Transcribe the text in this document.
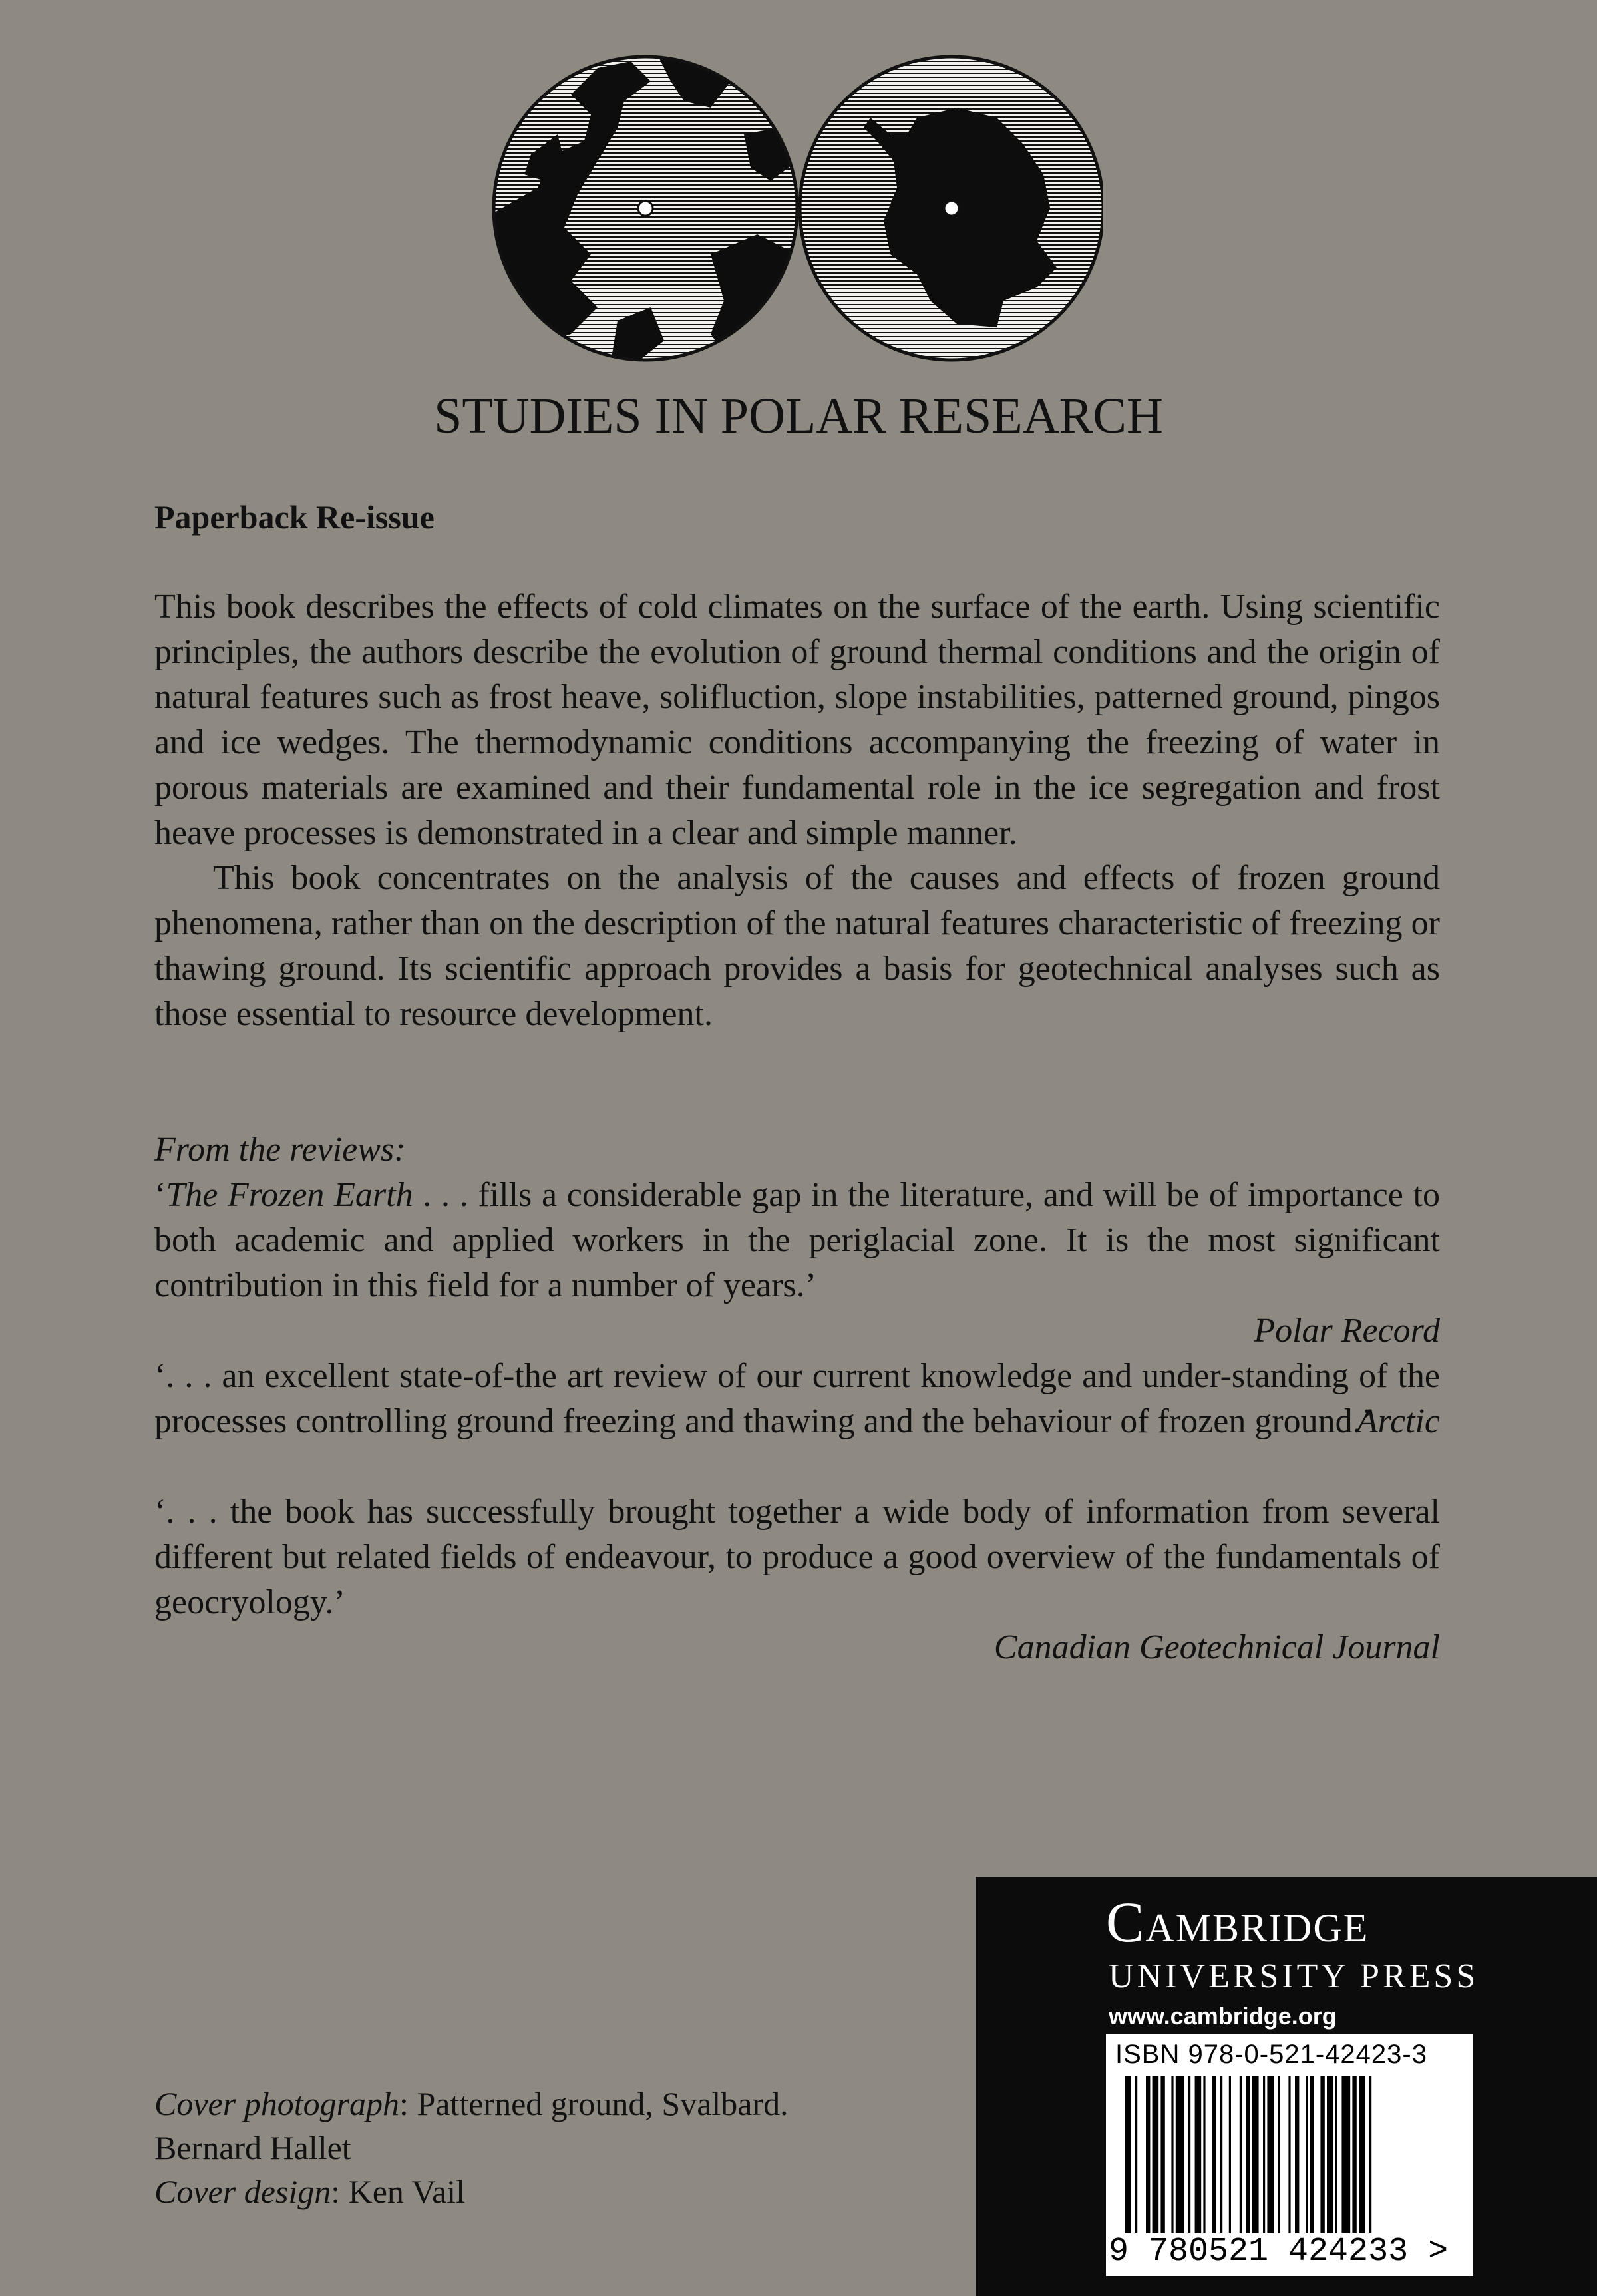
STUDIES IN POLAR RESEARCH
Paperback Re-issue

This book describes the effects of cold climates on the surface of the earth. Using scientific principles, the authors describe the evolution of ground thermal conditions and the origin of natural features such as frost heave, solifluction, slope instabilities, patterned ground, pingos and ice wedges. The thermodynamic conditions accompanying the freezing of water in porous materials are examined and their fundamental role in the ice segregation and frost heave processes is demonstrated in a clear and simple manner.

This book concentrates on the analysis of the causes and effects of frozen ground phenomena, rather than on the description of the natural features characteristic of freezing or thawing ground. Its scientific approach provides a basis for geotechnical analyses such as those essential to resource development.

From the reviews:

‘The Frozen Earth . . . fills a considerable gap in the literature, and will be of importance to both academic and applied workers in the periglacial zone. It is the most significant contribution in this field for a number of years.’

Polar Record

‘. . . an excellent state-of-the art review of our current knowledge and under-standing of the processes controlling ground freezing and thawing and the behaviour of frozen ground.’

Arctic

‘. . . the book has successfully brought together a wide body of information from several different but related fields of endeavour, to produce a good overview of the fundamentals of geocryology.’

Canadian Geotechnical Journal

Cover photograph: Patterned ground, Svalbard.
Bernard Hallet
Cover design: Ken Vail
Cambridge
UNIVERSITY PRESS
www.cambridge.org
ISBN 978-0-521-42423-3
9 780521 424233 >
